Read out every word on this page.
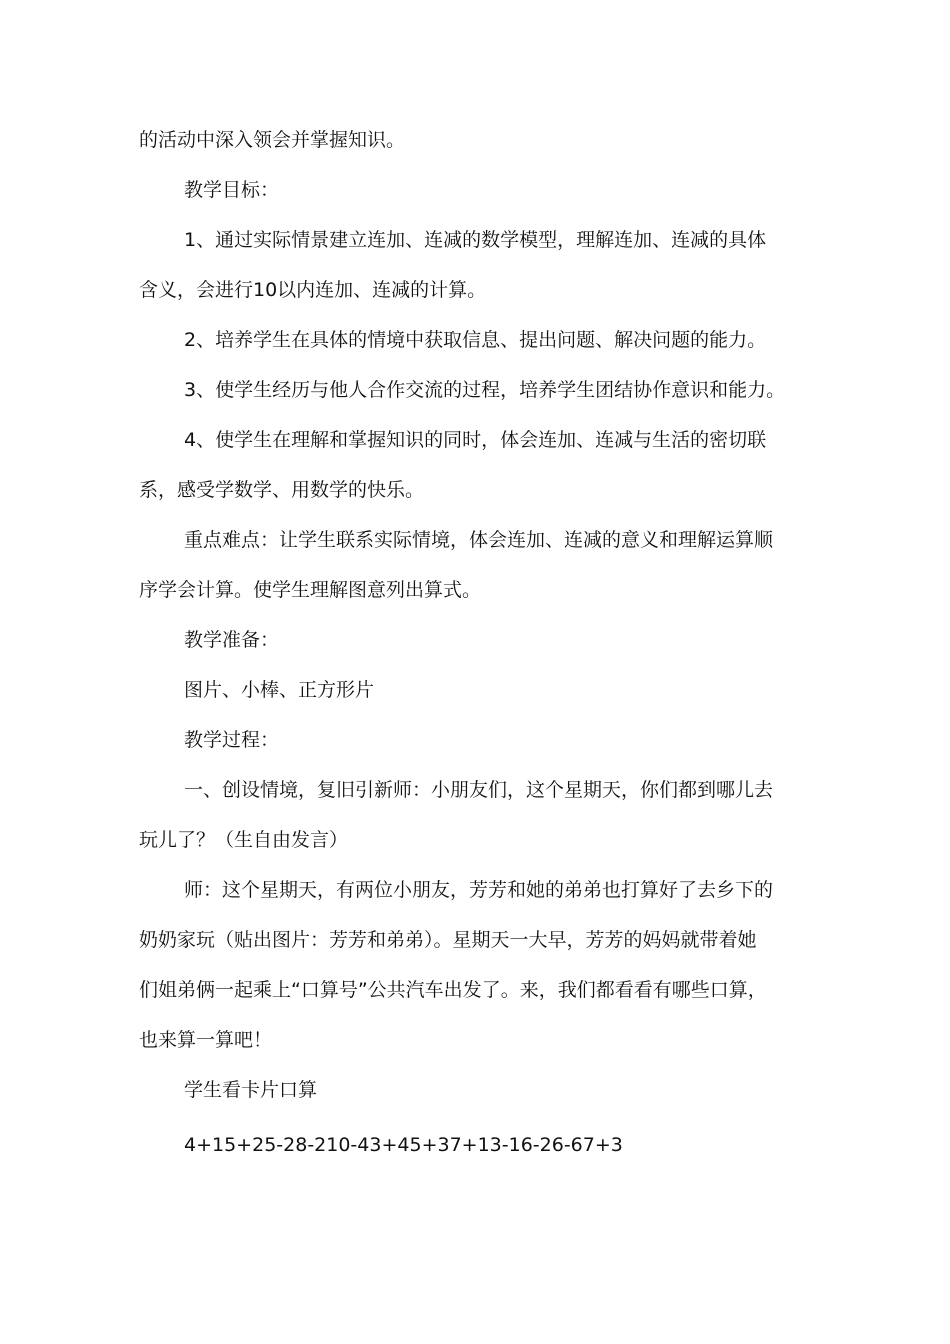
的活动中深入领会并掌握知识。

教学目标：

1、通过实际情景建立连加、连减的数学模型，理解连加、连减的具体

含义，会进行10以内连加、连减的计算。

2、培养学生在具体的情境中获取信息、提出问题、解决问题的能力。

3、使学生经历与他人合作交流的过程，培养学生团结协作意识和能力。

4、使学生在理解和掌握知识的同时，体会连加、连减与生活的密切联

系，感受学数学、用数学的快乐。

重点难点：让学生联系实际情境，体会连加、连减的意义和理解运算顺

序学会计算。使学生理解图意列出算式。

教学准备：

图片、小棒、正方形片

教学过程：

一、创设情境，复旧引新师：小朋友们，这个星期天，你们都到哪儿去

玩儿了？（生自由发言）

师：这个星期天，有两位小朋友，芳芳和她的弟弟也打算好了去乡下的

奶奶家玩（贴出图片：芳芳和弟弟）。星期天一大早，芳芳的妈妈就带着她

们姐弟俩一起乘上“口算号”公共汽车出发了。来，我们都看看有哪些口算，

也来算一算吧！

学生看卡片口算

4+15+25-28-210-43+45+37+13-16-26-67+3
